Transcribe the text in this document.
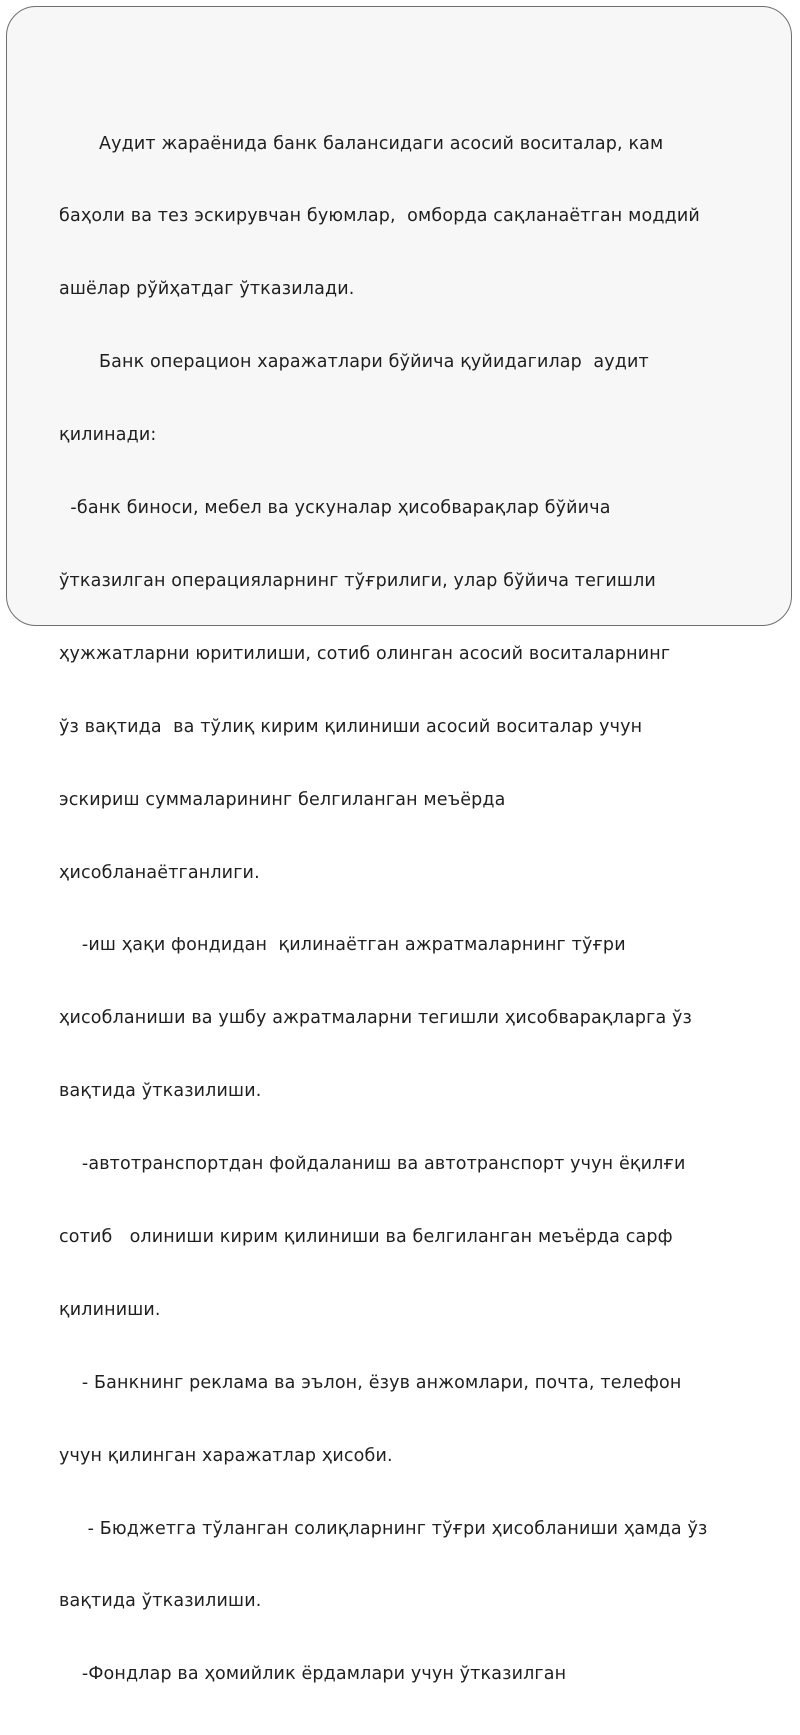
Аудит жараёнида банк балансидаги асосий воситалар, кам

баҳоли ва тез эскирувчан буюмлар,  омборда сақланаётган моддий

ашёлар рўйҳатдаг ўтказилади.

Банк операцион харажатлари бўйича қуйидагилар  аудит

қилинади:

-банк биноси, мебел ва ускуналар ҳисобварақлар бўйича

ўтказилган операцияларнинг тўғрилиги, улар бўйича тегишли

ҳужжатларни юритилиши, сотиб олинган асосий воситаларнинг

ўз вақтида  ва тўлиқ кирим қилиниши асосий воситалар учун

эскириш суммаларининг белгиланган меъёрда

ҳисобланаётганлиги.

-иш ҳақи фондидан  қилинаётган ажратмаларнинг тўғри

ҳисобланиши ва ушбу ажратмаларни тегишли ҳисобварақларга ўз

вақтида ўтказилиши.

-автотранспортдан фойдаланиш ва автотранспорт учун ёқилғи

сотиб   олиниши кирим қилиниши ва белгиланган меъёрда сарф

қилиниши.

- Банкнинг реклама ва эълон, ёзув анжомлари, почта, телефон

учун қилинган харажатлар ҳисоби.

- Бюджетга тўланган солиқларнинг тўғри ҳисобланиши ҳамда ўз

вақтида ўтказилиши.

-Фондлар ва ҳомийлик ёрдамлари учун ўтказилган
